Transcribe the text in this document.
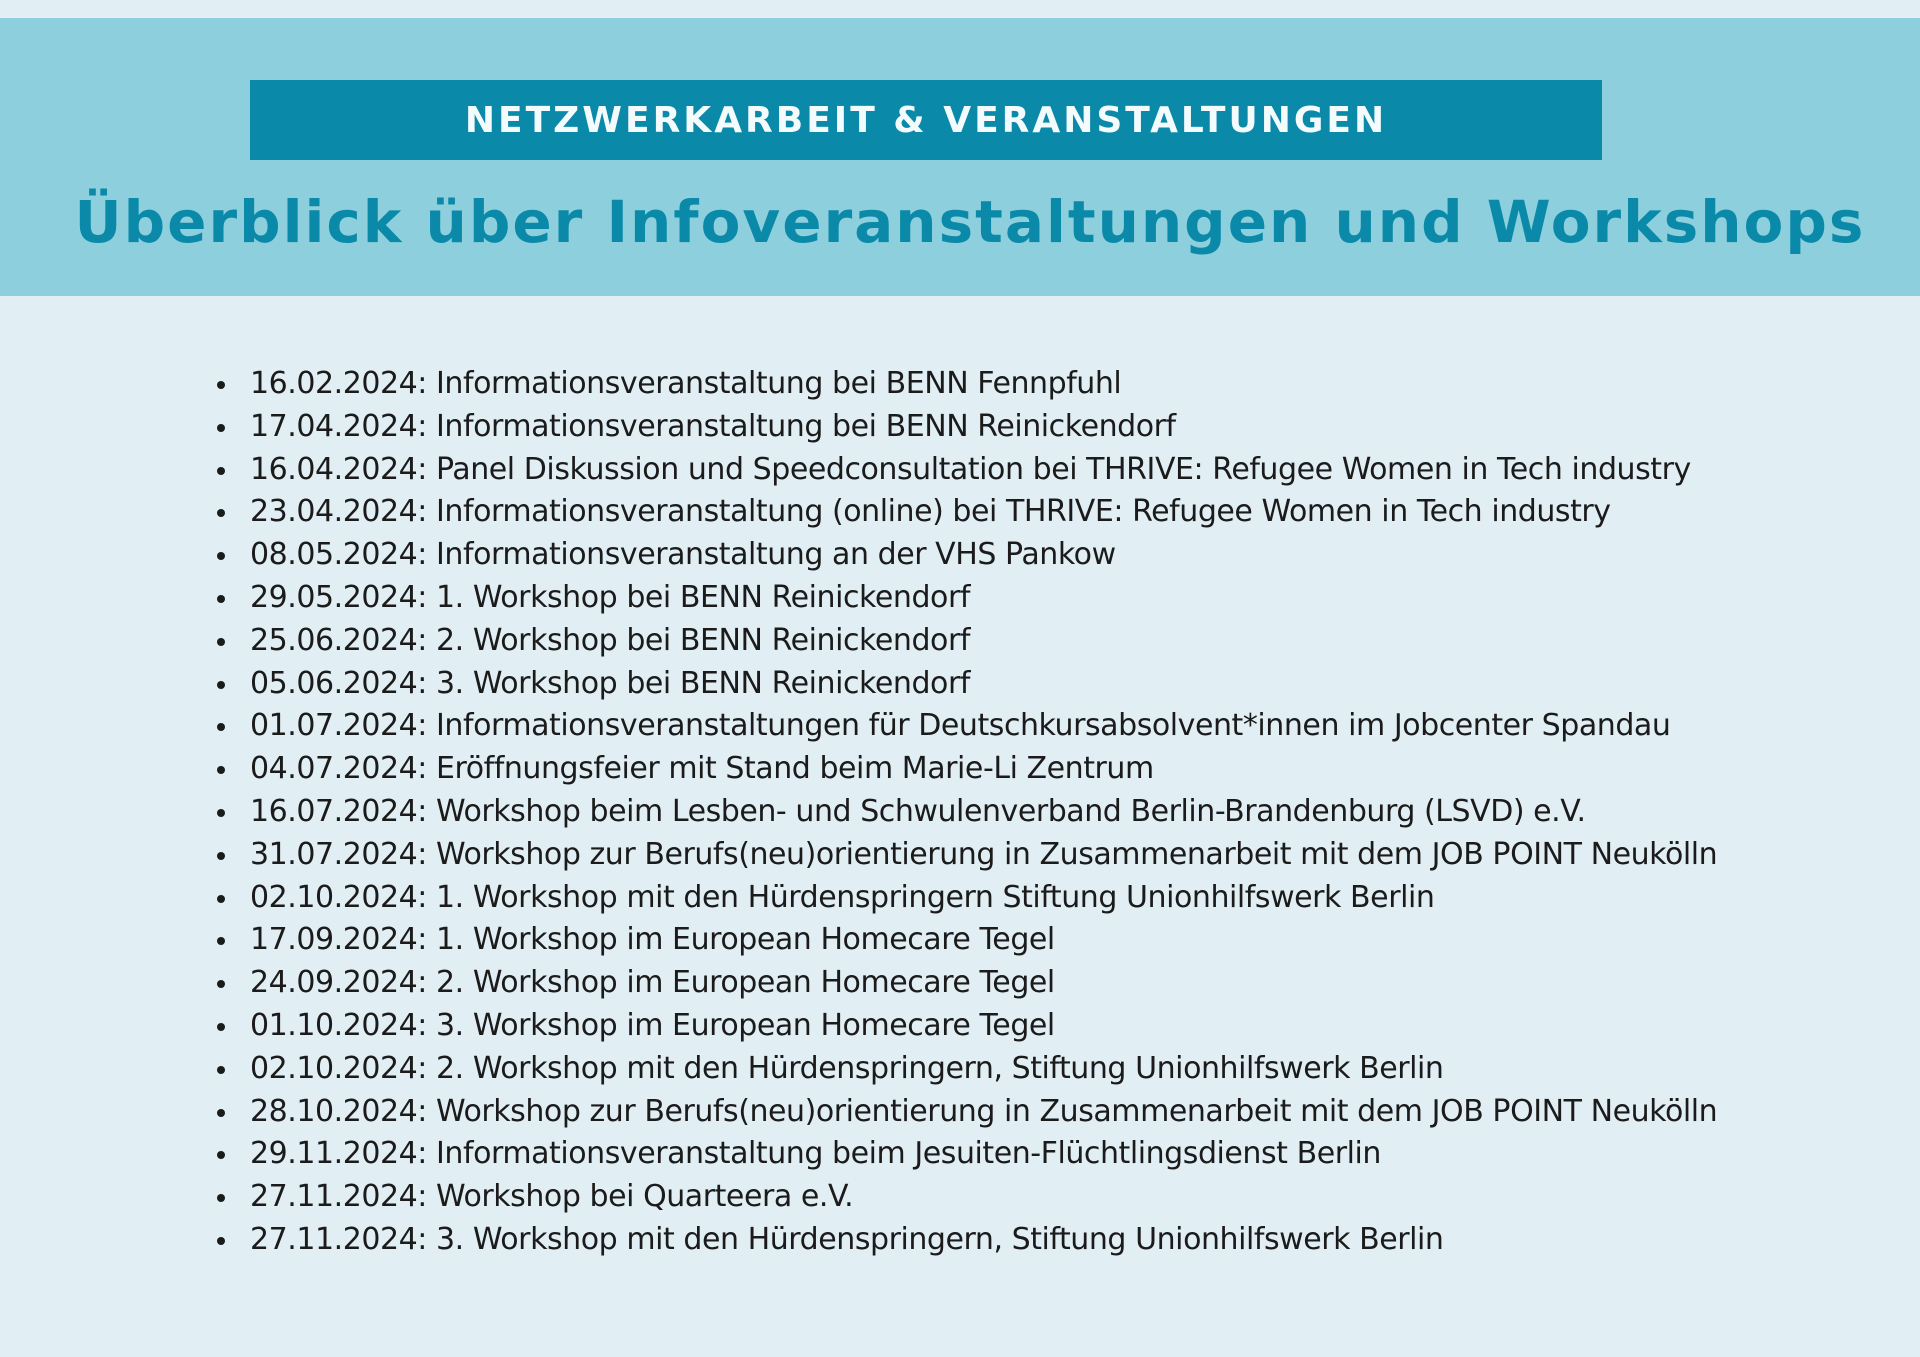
NETZWERKARBEIT & VERANSTALTUNGEN
Überblick über Infoveranstaltungen und Workshops
16.02.2024: Informationsveranstaltung bei BENN Fennpfuhl
17.04.2024: Informationsveranstaltung bei BENN Reinickendorf
16.04.2024: Panel Diskussion und Speedconsultation bei THRIVE: Refugee Women in Tech industry
23.04.2024: Informationsveranstaltung (online) bei THRIVE: Refugee Women in Tech industry
08.05.2024: Informationsveranstaltung an der VHS Pankow
29.05.2024: 1. Workshop bei BENN Reinickendorf
25.06.2024: 2. Workshop bei BENN Reinickendorf
05.06.2024: 3. Workshop bei BENN Reinickendorf
01.07.2024: Informationsveranstaltungen für Deutschkursabsolvent*innen im Jobcenter Spandau
04.07.2024: Eröffnungsfeier mit Stand beim Marie-Li Zentrum
16.07.2024: Workshop beim Lesben- und Schwulenverband Berlin-Brandenburg (LSVD) e.V.
31.07.2024: Workshop zur Berufs(neu)orientierung in Zusammenarbeit mit dem JOB POINT Neukölln
02.10.2024: 1. Workshop mit den Hürdenspringern Stiftung Unionhilfswerk Berlin
17.09.2024: 1. Workshop im European Homecare Tegel
24.09.2024: 2. Workshop im European Homecare Tegel
01.10.2024: 3. Workshop im European Homecare Tegel
02.10.2024: 2. Workshop mit den Hürdenspringern, Stiftung Unionhilfswerk Berlin
28.10.2024: Workshop zur Berufs(neu)orientierung in Zusammenarbeit mit dem JOB POINT Neukölln
29.11.2024: Informationsveranstaltung beim Jesuiten-Flüchtlingsdienst Berlin
27.11.2024: Workshop bei Quarteera e.V.
27.11.2024: 3. Workshop mit den Hürdenspringern, Stiftung Unionhilfswerk Berlin
